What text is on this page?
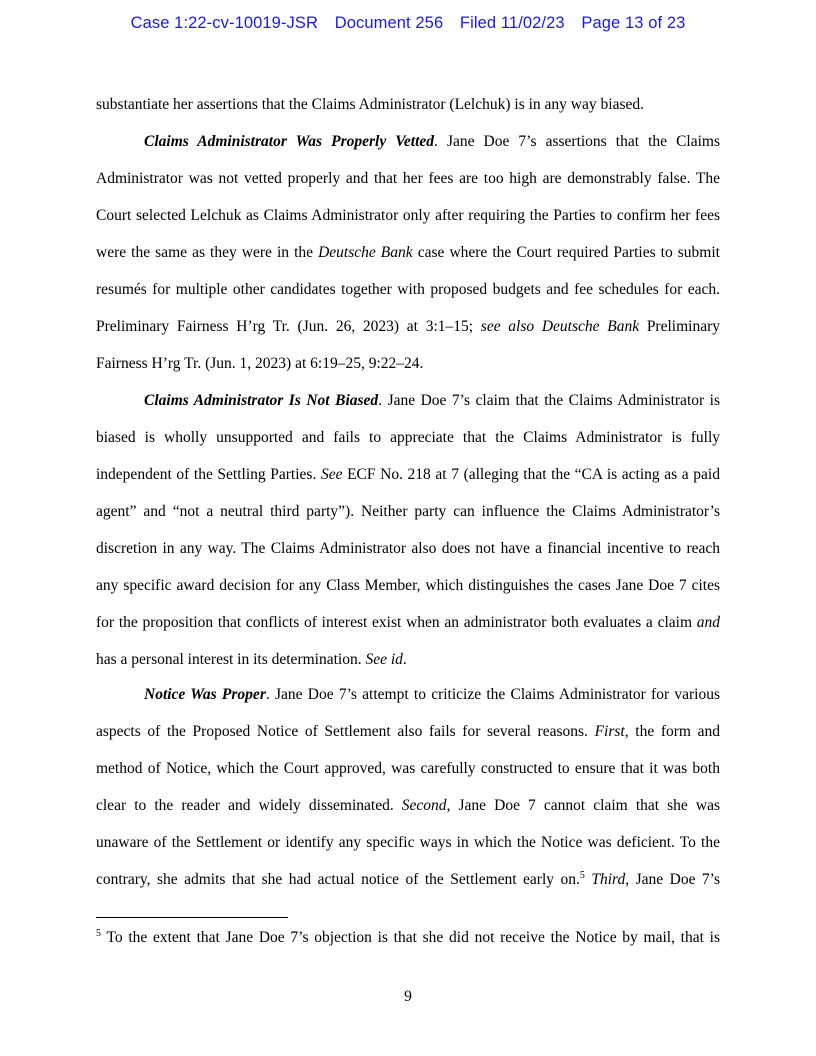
Case 1:22-cv-10019-JSR Document 256 Filed 11/02/23 Page 13 of 23
substantiate her assertions that the Claims Administrator (Lelchuk) is in any way biased.
Claims Administrator Was Properly Vetted. Jane Doe 7’s assertions that the Claims
Administrator was not vetted properly and that her fees are too high are demonstrably false. The
Court selected Lelchuk as Claims Administrator only after requiring the Parties to confirm her fees
were the same as they were in the Deutsche Bank case where the Court required Parties to submit
resumés for multiple other candidates together with proposed budgets and fee schedules for each.
Preliminary Fairness H’rg Tr. (Jun. 26, 2023) at 3:1–15; see also Deutsche Bank Preliminary
Fairness H’rg Tr. (Jun. 1, 2023) at 6:19–25, 9:22–24.
Claims Administrator Is Not Biased. Jane Doe 7’s claim that the Claims Administrator is
biased is wholly unsupported and fails to appreciate that the Claims Administrator is fully
independent of the Settling Parties. See ECF No. 218 at 7 (alleging that the “CA is acting as a paid
agent” and “not a neutral third party”). Neither party can influence the Claims Administrator’s
discretion in any way. The Claims Administrator also does not have a financial incentive to reach
any specific award decision for any Class Member, which distinguishes the cases Jane Doe 7 cites
for the proposition that conflicts of interest exist when an administrator both evaluates a claim and
has a personal interest in its determination. See id.
Notice Was Proper. Jane Doe 7’s attempt to criticize the Claims Administrator for various
aspects of the Proposed Notice of Settlement also fails for several reasons. First, the form and
method of Notice, which the Court approved, was carefully constructed to ensure that it was both
clear to the reader and widely disseminated. Second, Jane Doe 7 cannot claim that she was
unaware of the Settlement or identify any specific ways in which the Notice was deficient. To the
contrary, she admits that she had actual notice of the Settlement early on.$^5$ Third, Jane Doe 7’s
$^5$ To the extent that Jane Doe 7’s objection is that she did not receive the Notice by mail, that is
9
